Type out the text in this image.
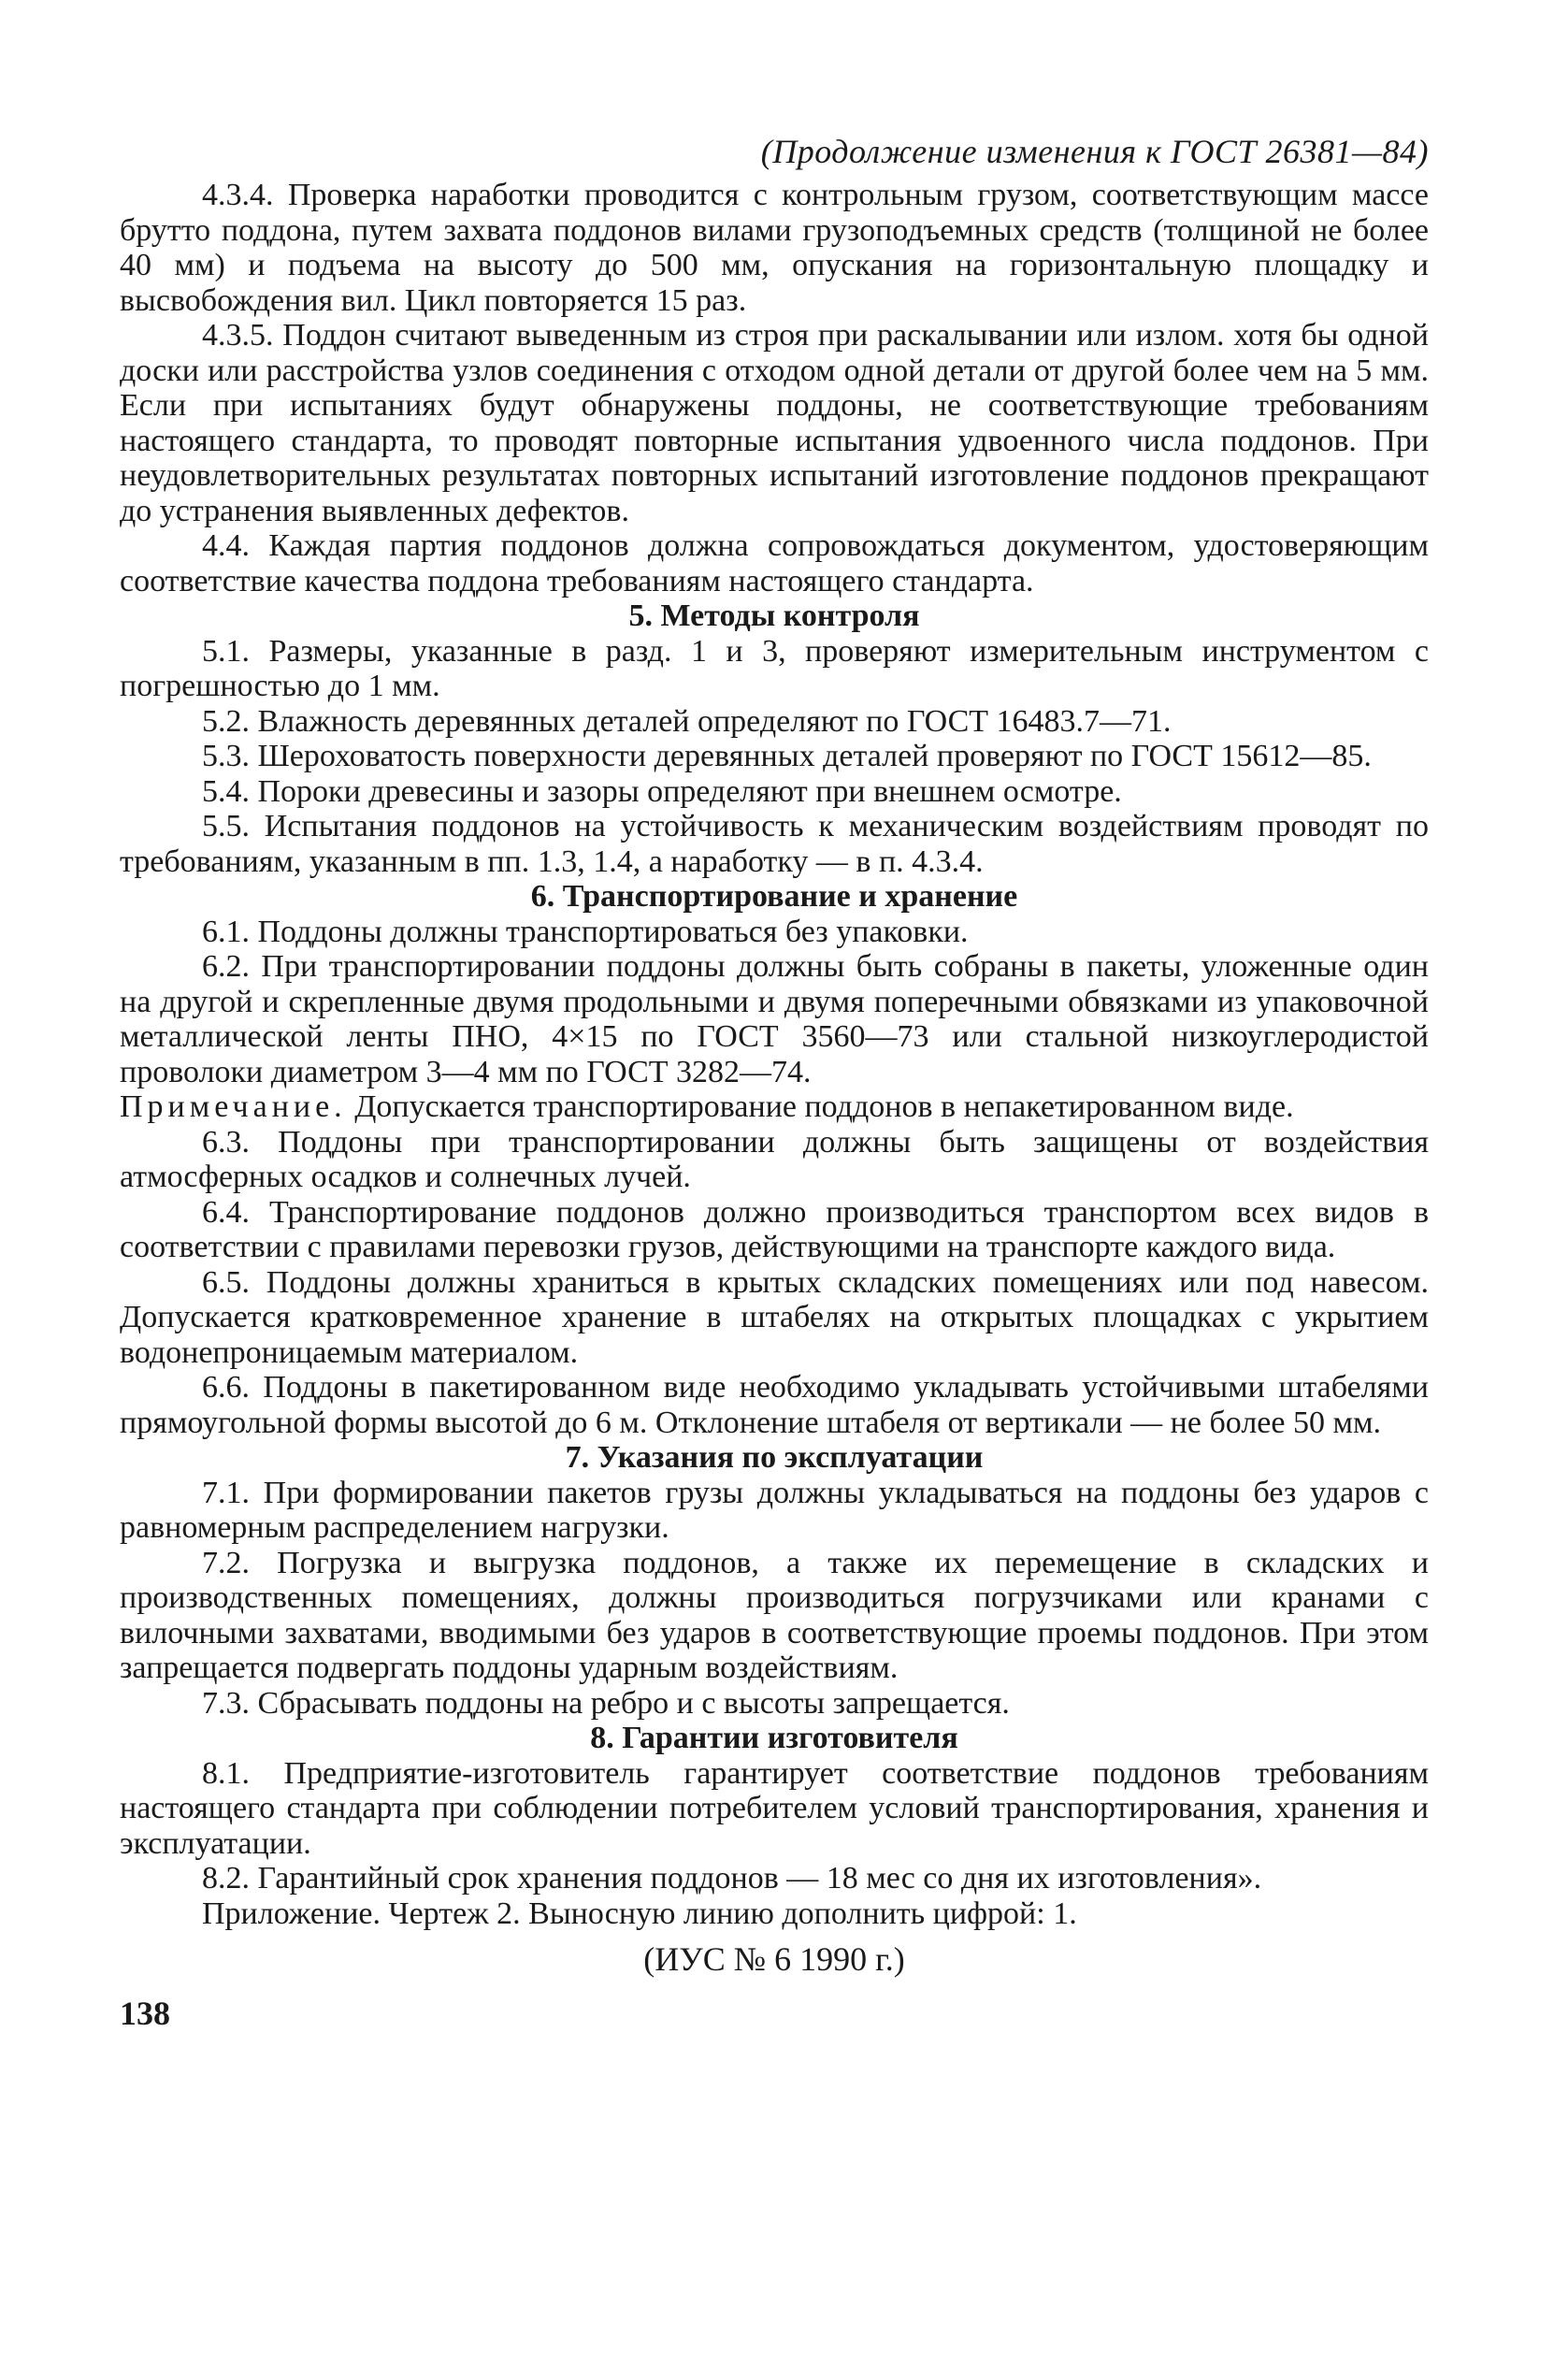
(Продолжение изменения к ГОСТ 26381—84)

4.3.4. Проверка наработки проводится с контрольным грузом, соответствующим массе брутто поддона, путем захвата поддонов вилами грузоподъемных средств (толщиной не более 40 мм) и подъема на высоту до 500 мм, опускания на горизонтальную площадку и высвобождения вил. Цикл повторяется 15 раз.

4.3.5. Поддон считают выведенным из строя при раскалывании или излом. хотя бы одной доски или расстройства узлов соединения с отходом одной детали от другой более чем на 5 мм. Если при испытаниях будут обнаружены поддоны, не соответствующие требованиям настоящего стандарта, то проводят повторные испытания удвоенного числа поддонов. При неудовлетворительных результатах повторных испытаний изготовление поддонов прекращают до устранения выявленных дефектов.

4.4. Каждая партия поддонов должна сопровождаться документом, удостоверяющим соответствие качества поддона требованиям настоящего стандарта.

5. Методы контроля

5.1. Размеры, указанные в разд. 1 и 3, проверяют измерительным инструментом с погрешностью до 1 мм.

5.2. Влажность деревянных деталей определяют по ГОСТ 16483.7—71.

5.3. Шероховатость поверхности деревянных деталей проверяют по ГОСТ 15612—85.

5.4. Пороки древесины и зазоры определяют при внешнем осмотре.

5.5. Испытания поддонов на устойчивость к механическим воздействиям проводят по требованиям, указанным в пп. 1.3, 1.4, а наработку — в п. 4.3.4.

6. Транспортирование и хранение

6.1. Поддоны должны транспортироваться без упаковки.

6.2. При транспортировании поддоны должны быть собраны в пакеты, уложенные один на другой и скрепленные двумя продольными и двумя поперечными обвязками из упаковочной металлической ленты ПНО, 4×15 по ГОСТ 3560—73 или стальной низкоуглеродистой проволоки диаметром 3—4 мм по ГОСТ 3282—74.

Примечание. Допускается транспортирование поддонов в непакетированном виде.

6.3. Поддоны при транспортировании должны быть защищены от воздействия атмосферных осадков и солнечных лучей.

6.4. Транспортирование поддонов должно производиться транспортом всех видов в соответствии с правилами перевозки грузов, действующими на транспорте каждого вида.

6.5. Поддоны должны храниться в крытых складских помещениях или под навесом. Допускается кратковременное хранение в штабелях на открытых площадках с укрытием водонепроницаемым материалом.

6.6. Поддоны в пакетированном виде необходимо укладывать устойчивыми штабелями прямоугольной формы высотой до 6 м. Отклонение штабеля от вертикали — не более 50 мм.

7. Указания по эксплуатации

7.1. При формировании пакетов грузы должны укладываться на поддоны без ударов с равномерным распределением нагрузки.

7.2. Погрузка и выгрузка поддонов, а также их перемещение в складских и производственных помещениях, должны производиться погрузчиками или кранами с вилочными захватами, вводимыми без ударов в соответствующие проемы поддонов. При этом запрещается подвергать поддоны ударным воздействиям.

7.3. Сбрасывать поддоны на ребро и с высоты запрещается.

8. Гарантии изготовителя

8.1. Предприятие-изготовитель гарантирует соответствие поддонов требованиям настоящего стандарта при соблюдении потребителем условий транспортирования, хранения и эксплуатации.

8.2. Гарантийный срок хранения поддонов — 18 мес со дня их изготовления».

Приложение. Чертеж 2. Выносную линию дополнить цифрой: 1.

(ИУС № 6 1990 г.)
138
